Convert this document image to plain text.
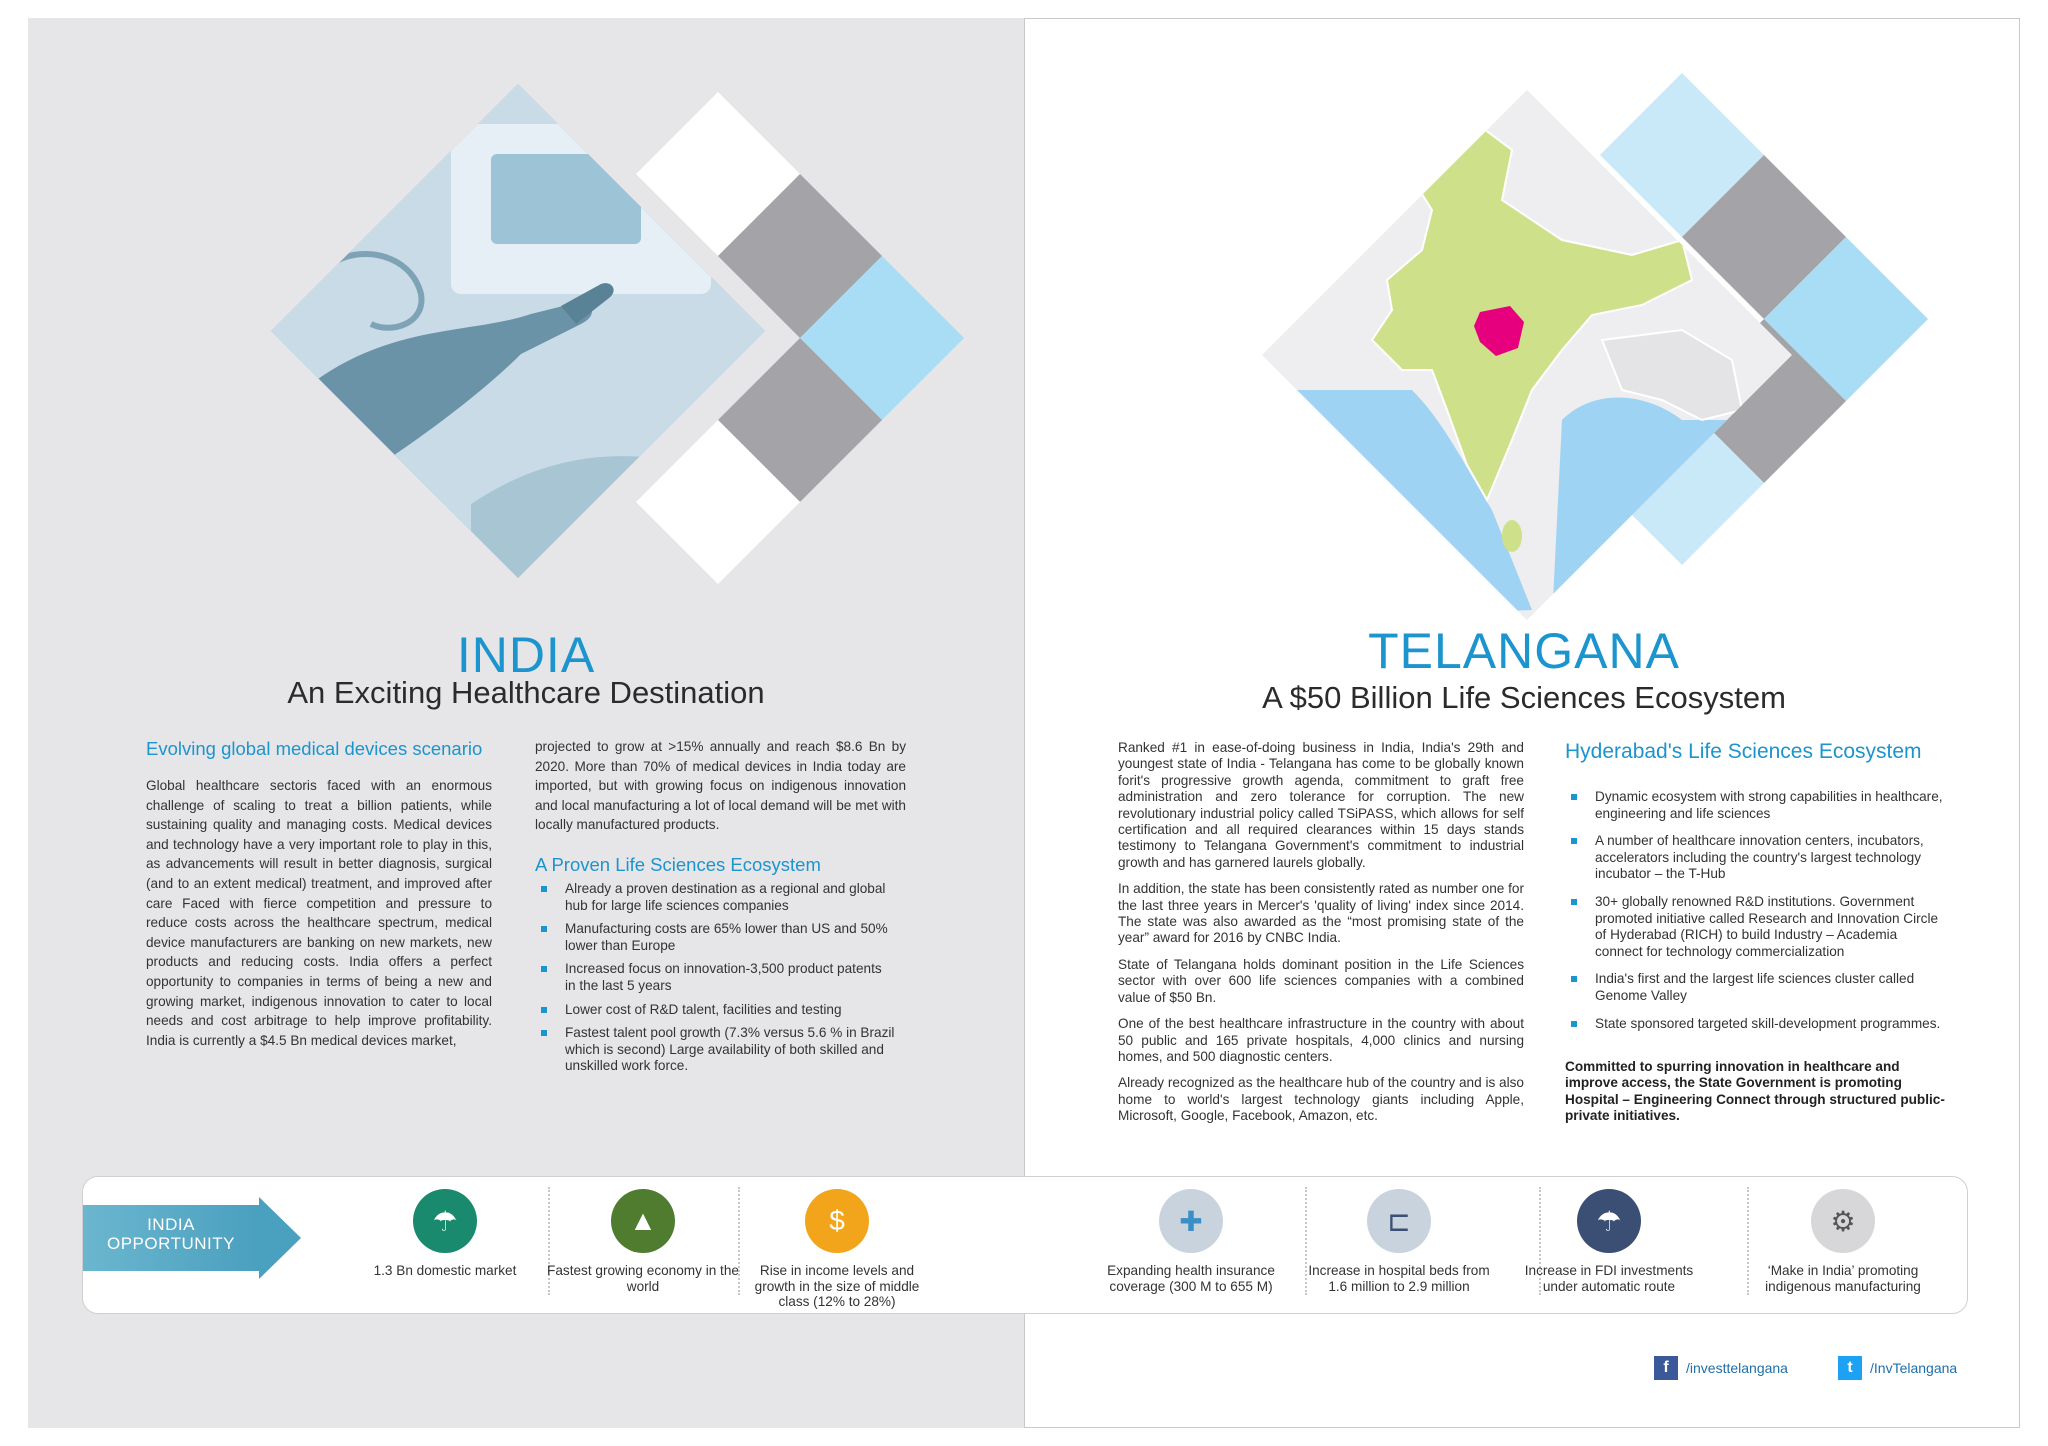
INDIA
An Exciting Healthcare Destination
Evolving global medical devices scenario
Global healthcare sectoris faced with an enormous challenge of scaling to treat a billion patients, while sustaining quality and managing costs. Medical devices and technology have a very important role to play in this, as advancements will result in better diagnosis, surgical (and to an extent medical) treatment, and improved after care Faced with fierce competition and pressure to reduce costs across the healthcare spectrum, medical device manufacturers are banking on new markets, new products and reducing costs. India offers a perfect opportunity to companies in terms of being a new and growing market, indigenous innovation to cater to local needs and cost arbitrage to help improve profitability. India is currently a $4.5 Bn medical devices market,
projected to grow at >15% annually and reach $8.6 Bn by 2020. More than 70% of medical devices in India today are imported, but with growing focus on indigenous innovation and local manufacturing a lot of local demand will be met with locally manufactured products.
A Proven Life Sciences Ecosystem
Already a proven destination as a regional and global hub for large life sciences companies
Manufacturing costs are 65% lower than US and 50% lower than Europe
Increased focus on innovation-3,500 product patents in the last 5 years
Lower cost of R&D talent, facilities and testing
Fastest talent pool growth (7.3% versus 5.6 % in Brazil which is second) Large availability of both skilled and unskilled work force.
TELANGANA
A $50 Billion Life Sciences Ecosystem

Ranked #1 in ease-of-doing business in India, India's 29th and youngest state of India - Telangana has come to be globally known forit's progressive growth agenda, commitment to graft free administration and zero tolerance for corruption. The new revolutionary industrial policy called TSiPASS, which allows for self certification and all required clearances within 15 days stands testimony to Telangana Government's commitment to industrial growth and has garnered laurels globally.

In addition, the state has been consistently rated as number one for the last three years in Mercer's 'quality of living' index since 2014. The state was also awarded as the “most promising state of the year” award for 2016 by CNBC India.

State of Telangana holds dominant position in the Life Sciences sector with over 600 life sciences companies with a combined value of $50 Bn.

One of the best healthcare infrastructure in the country with about 50 public and 165 private hospitals, 4,000 clinics and nursing homes, and 500 diagnostic centers.

Already recognized as the healthcare hub of the country and is also home to world's largest technology giants including Apple, Microsoft, Google, Facebook, Amazon, etc.

Hyderabad's Life Sciences Ecosystem
Dynamic ecosystem with strong capabilities in healthcare, engineering and life sciences
A number of healthcare innovation centers, incubators, accelerators including the country's largest technology incubator – the T-Hub
30+ globally renowned R&D institutions. Government promoted initiative called Research and Innovation Circle of Hyderabad (RICH) to build Industry – Academia connect for technology commercialization
India's first and the largest life sciences cluster called Genome Valley
State sponsored targeted skill-development programmes.
Committed to spurring innovation in healthcare and improve access, the State Government is promoting Hospital – Engineering Connect through structured public-private initiatives.
INDIA OPPORTUNITY
☂
1.3 Bn domestic market
▲
Fastest growing economy in the world
$
Rise in income levels and growth in the size of middle class (12% to 28%)
✚
Expanding health insurance coverage (300 M to 655 M)
⊏
Increase in hospital beds from 1.6 million to 2.9 million
☂
Increase in FDI investments under automatic route
⚙
‘Make in India’ promoting indigenous manufacturing
f	/investtelangana	t	/InvTelangana
